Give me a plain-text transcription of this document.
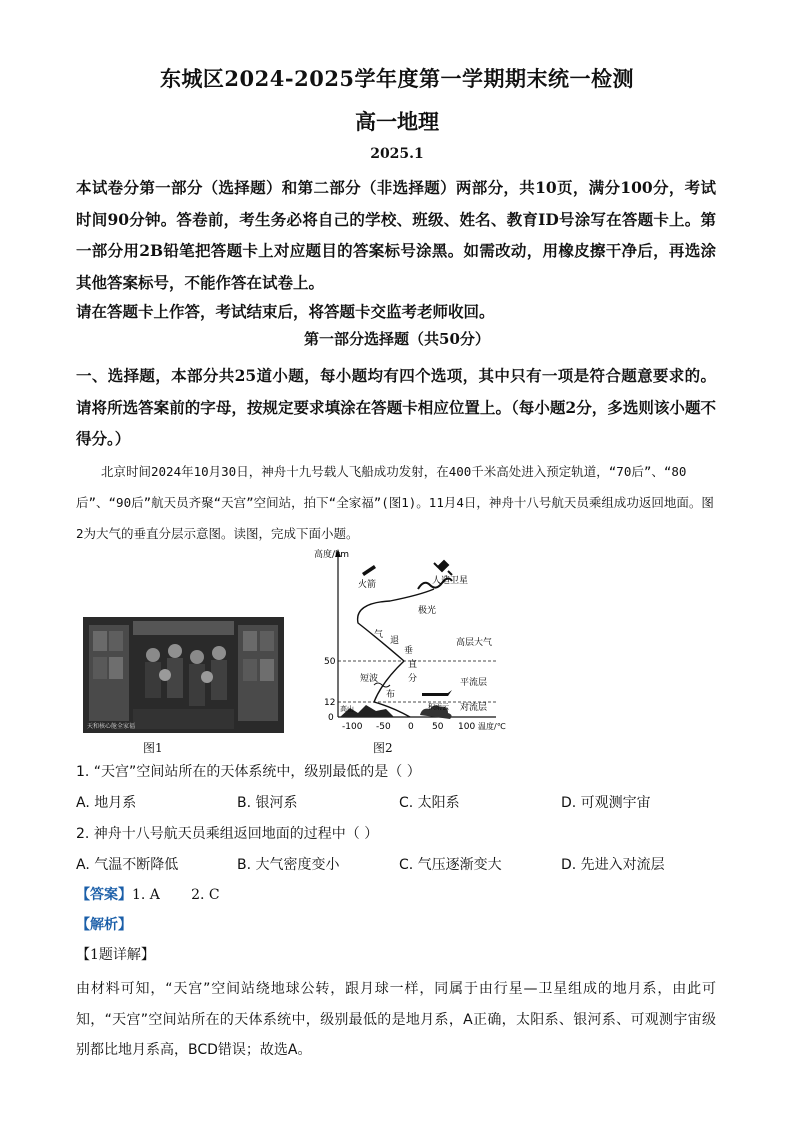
东城区2024-2025学年度第一学期期末统一检测
高一地理
2025.1
本试卷分第一部分（选择题）和第二部分（非选择题）两部分，共10页，满分100分，考试时间90分钟。答卷前，考生务必将自己的学校、班级、姓名、教育ID号涂写在答题卡上。第一部分用2B铅笔把答题卡上对应题目的答案标号涂黑。如需改动，用橡皮擦干净后，再选涂其他答案标号，不能作答在试卷上。
请在答题卡上作答，考试结束后，将答题卡交监考老师收回。
第一部分选择题（共50分）
一、选择题，本部分共25道小题，每小题均有四个选项，其中只有一项是符合题意要求的。请将所选答案前的字母，按规定要求填涂在答题卡相应位置上。（每小题2分，多选则该小题不得分。）
北京时间2024年10月30日，神舟十九号载人飞船成功发射，在400千米高处进入预定轨道，“70后”、“80后”、“90后”航天员齐聚“天宫”空间站，拍下“全家福”(图1)。11月4日，神舟十八号航天员乘组成功返回地面。图2为大气的垂直分层示意图。读图，完成下面小题。
天和核心舱全家福
图1
高度/km
火箭	人造卫星
极光
高层大气
平流层
对流层
高山	积雨云
气
退
垂
直
分
布
短波
50
12
0
-100 -50 0 50 100 温度/℃
图2
1. “天宫”空间站所在的天体系统中，级别最低的是（ ）
A. 地月系	B. 银河系	C. 太阳系	D. 可观测宇宙
2. 神舟十八号航天员乘组返回地面的过程中（ ）
A. 气温不断降低	B. 大气密度变小	C. 气压逐渐变大	D. 先进入对流层
【答案】1. A       2. C
【解析】
【1题详解】
由材料可知，“天宫”空间站绕地球公转，跟月球一样，同属于由行星—卫星组成的地月系，由此可知，“天宫”空间站所在的天体系统中，级别最低的是地月系，A正确，太阳系、银河系、可观测宇宙级别都比地月系高，BCD错误；故选A。
